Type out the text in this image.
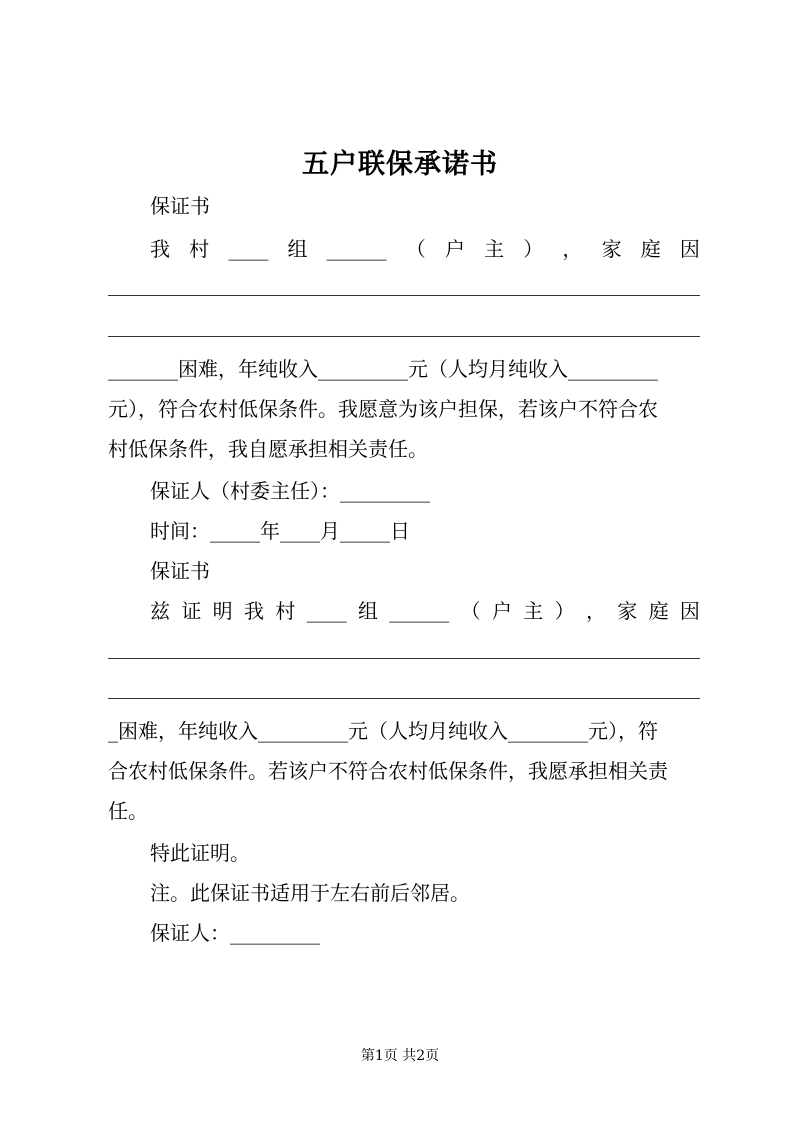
五户联保承诺书
保证书
我 村 ____ 组 ______ （ 户 主 ） ， 家 庭 因
_______困难，年纯收入_________元（人均月纯收入_________
元），符合农村低保条件。我愿意为该户担保，若该户不符合农
村低保条件，我自愿承担相关责任。
保证人（村委主任）：_________
时间：_____年____月_____日
保证书
兹 证 明 我 村 ____ 组 ______ （ 户 主 ） ， 家 庭 因
_困难，年纯收入_________元（人均月纯收入________元），符
合农村低保条件。若该户不符合农村低保条件，我愿承担相关责
任。
特此证明。
注。此保证书适用于左右前后邻居。
保证人：_________
第1页 共2页
